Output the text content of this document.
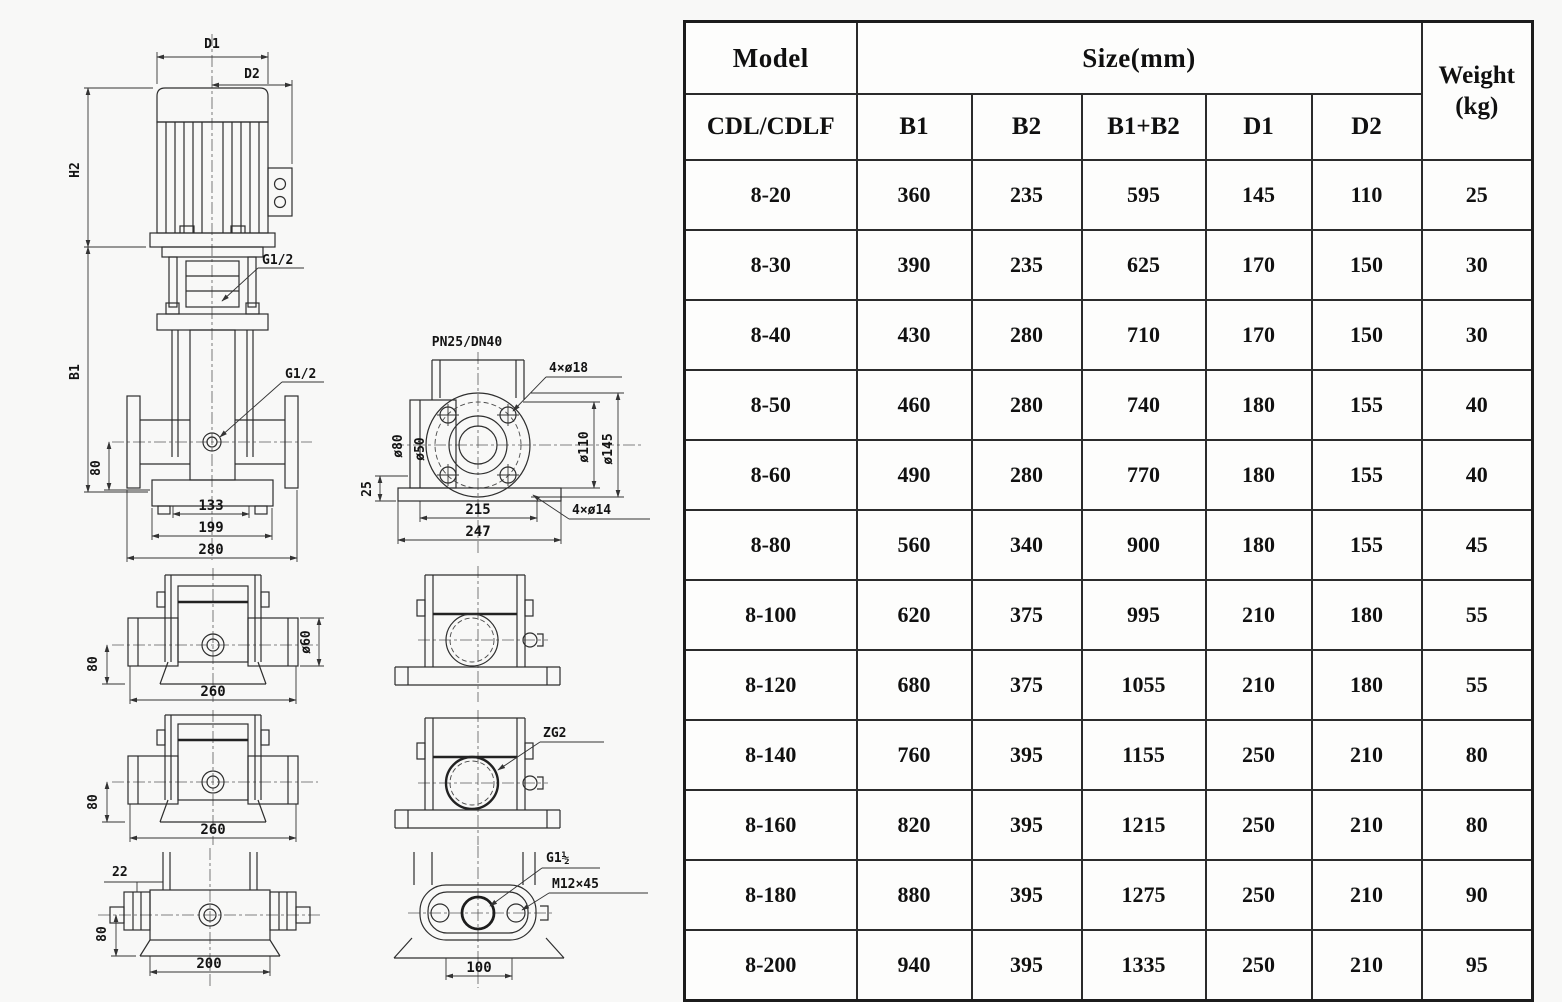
D1
D2
H2
B1
G1/2
G1/2
80
133
199
280
PN25/DN40
4×ø18
ø80 ø50	ø110 ø145
25
215
247
4×ø14
80
ø60
260
80
260
22
80
200
ZG2
G1½
M12×45
100
Model	Size(mm)					Weight
(kg)

CDL/CDLF	B1	B2	B1+B2	D1	D2	
8-20	360	235	595	145	110	25
8-30	390	235	625	170	150	30
8-40	430	280	710	170	150	30
8-50	460	280	740	180	155	40
8-60	490	280	770	180	155	40
8-80	560	340	900	180	155	45
8-100	620	375	995	210	180	55
8-120	680	375	1055	210	180	55
8-140	760	395	1155	250	210	80
8-160	820	395	1215	250	210	80
8-180	880	395	1275	250	210	90
8-200	940	395	1335	250	210	95
